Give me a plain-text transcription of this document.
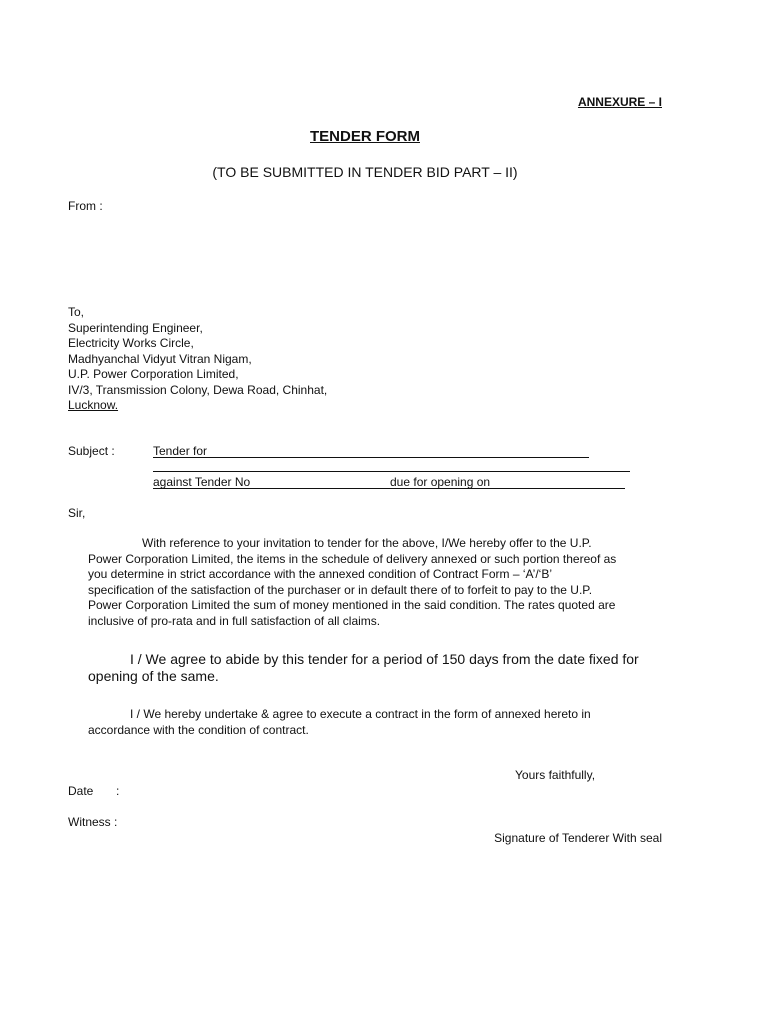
ANNEXURE – I
TENDER FORM
(TO BE SUBMITTED IN TENDER BID PART – II)
From :
To,
Superintending Engineer,
Electricity Works Circle,
Madhyanchal Vidyut Vitran Nigam,
U.P. Power Corporation Limited,
IV/3, Transmission Colony, Dewa Road, Chinhat,
Lucknow.
Subject :	Tender for
against Tender No	due for opening on
Sir,
With reference to your invitation to tender for the above, I/We hereby offer to the U.P.
Power Corporation Limited, the items in the schedule of delivery annexed or such portion thereof as
you determine in strict accordance with the annexed condition of Contract Form – ‘A’/‘B’
specification of the satisfaction of the purchaser or in default there of to forfeit to pay to the U.P.
Power Corporation Limited the sum of money mentioned in the said condition. The rates quoted are
inclusive of pro-rata and in full satisfaction of all claims.
I / We agree to abide by this tender for a period of 150 days from the date fixed for
opening of the same.
I / We hereby undertake & agree to execute a contract in the form of annexed hereto in
accordance with the condition of contract.
Yours faithfully,
Date :
Witness :
Signature of Tenderer With seal
